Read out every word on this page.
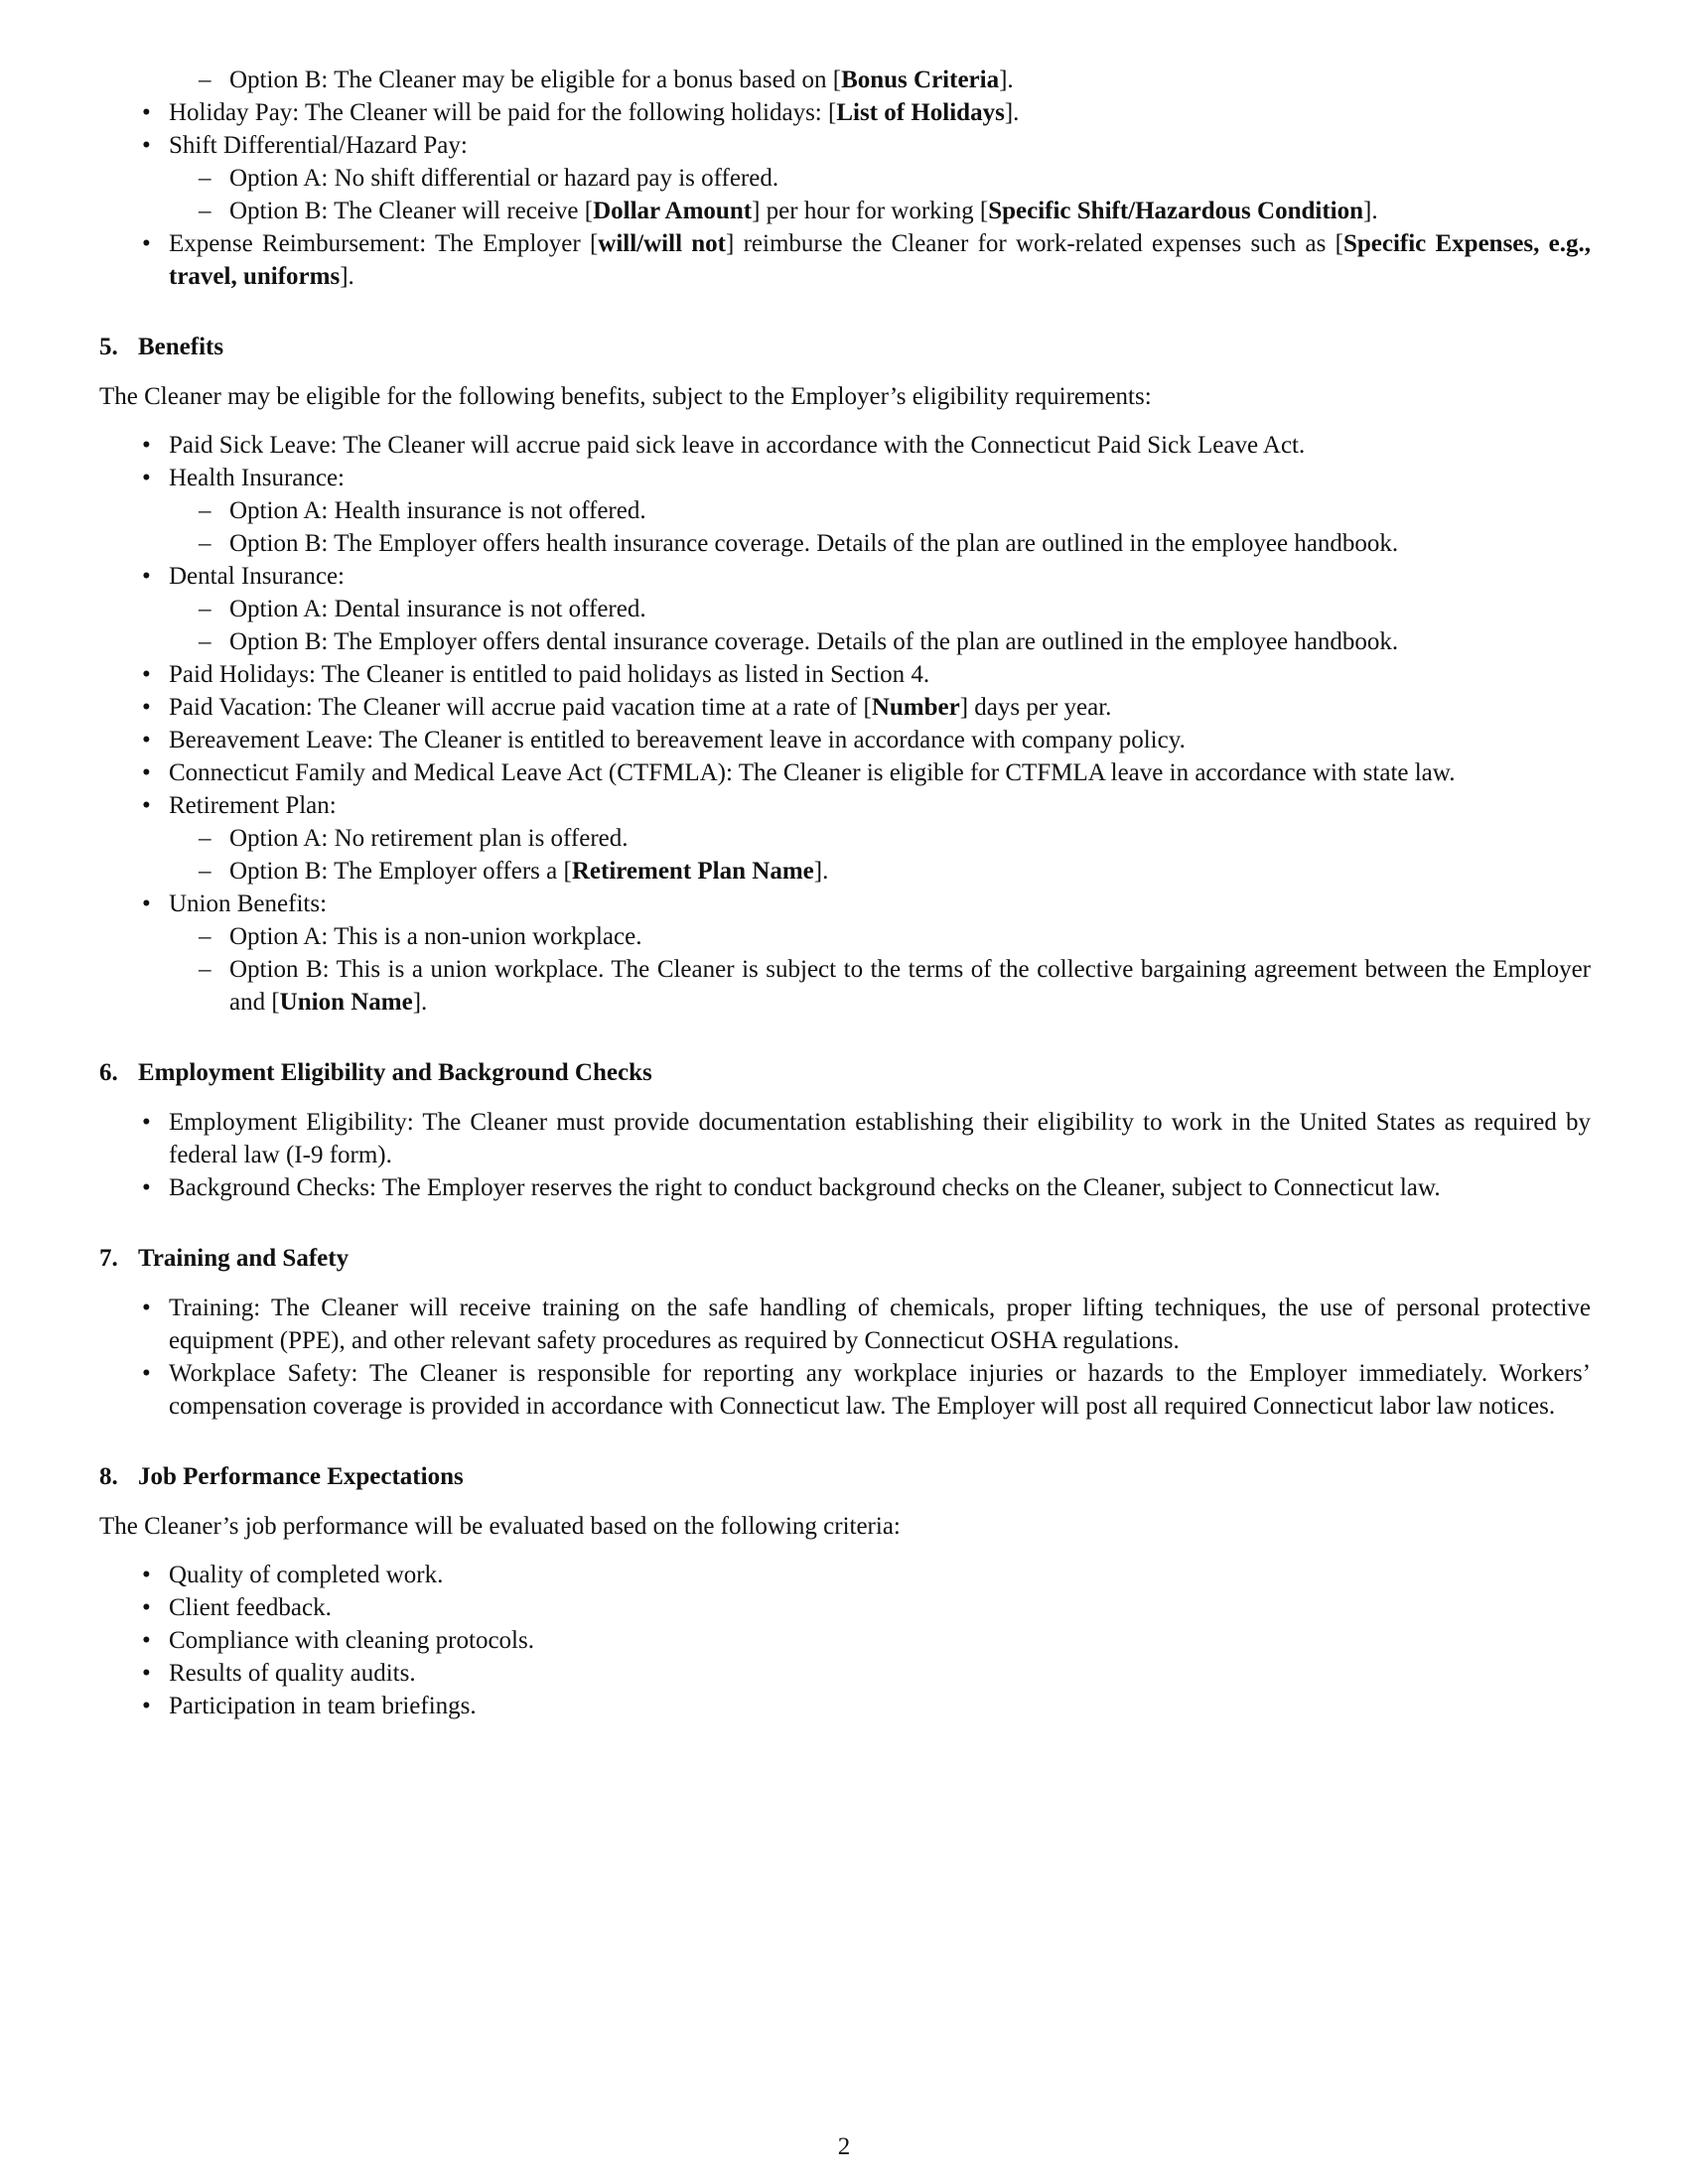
– Option B: The Cleaner may be eligible for a bonus based on [Bonus Criteria].
• Holiday Pay: The Cleaner will be paid for the following holidays: [List of Holidays].
• Shift Differential/Hazard Pay:
– Option A: No shift differential or hazard pay is offered.
– Option B: The Cleaner will receive [Dollar Amount] per hour for working [Specific Shift/Hazardous Condition].
• Expense Reimbursement: The Employer [will/will not] reimburse the Cleaner for work-related expenses such as [Specific Expenses, e.g., travel, uniforms].
5. Benefits

The Cleaner may be eligible for the following benefits, subject to the Employer’s eligibility requirements:

• Paid Sick Leave: The Cleaner will accrue paid sick leave in accordance with the Connecticut Paid Sick Leave Act.
• Health Insurance:
– Option A: Health insurance is not offered.
– Option B: The Employer offers health insurance coverage. Details of the plan are outlined in the employee handbook.
• Dental Insurance:
– Option A: Dental insurance is not offered.
– Option B: The Employer offers dental insurance coverage. Details of the plan are outlined in the employee handbook.
• Paid Holidays: The Cleaner is entitled to paid holidays as listed in Section 4.
• Paid Vacation: The Cleaner will accrue paid vacation time at a rate of [Number] days per year.
• Bereavement Leave: The Cleaner is entitled to bereavement leave in accordance with company policy.
• Connecticut Family and Medical Leave Act (CTFMLA): The Cleaner is eligible for CTFMLA leave in accordance with state law.
• Retirement Plan:
– Option A: No retirement plan is offered.
– Option B: The Employer offers a [Retirement Plan Name].
• Union Benefits:
– Option A: This is a non-union workplace.
– Option B: This is a union workplace. The Cleaner is subject to the terms of the collective bargaining agreement between the Employer and [Union Name].
6. Employment Eligibility and Background Checks
• Employment Eligibility: The Cleaner must provide documentation establishing their eligibility to work in the United States as required by federal law (I-9 form).
• Background Checks: The Employer reserves the right to conduct background checks on the Cleaner, subject to Connecticut law.
7. Training and Safety
• Training: The Cleaner will receive training on the safe handling of chemicals, proper lifting techniques, the use of personal protective equipment (PPE), and other relevant safety procedures as required by Connecticut OSHA regulations.
• Workplace Safety: The Cleaner is responsible for reporting any workplace injuries or hazards to the Employer immediately. Workers’ compensation coverage is provided in accordance with Connecticut law. The Employer will post all required Connecticut labor law notices.
8. Job Performance Expectations

The Cleaner’s job performance will be evaluated based on the following criteria:

• Quality of completed work.
• Client feedback.
• Compliance with cleaning protocols.
• Results of quality audits.
• Participation in team briefings.
2
